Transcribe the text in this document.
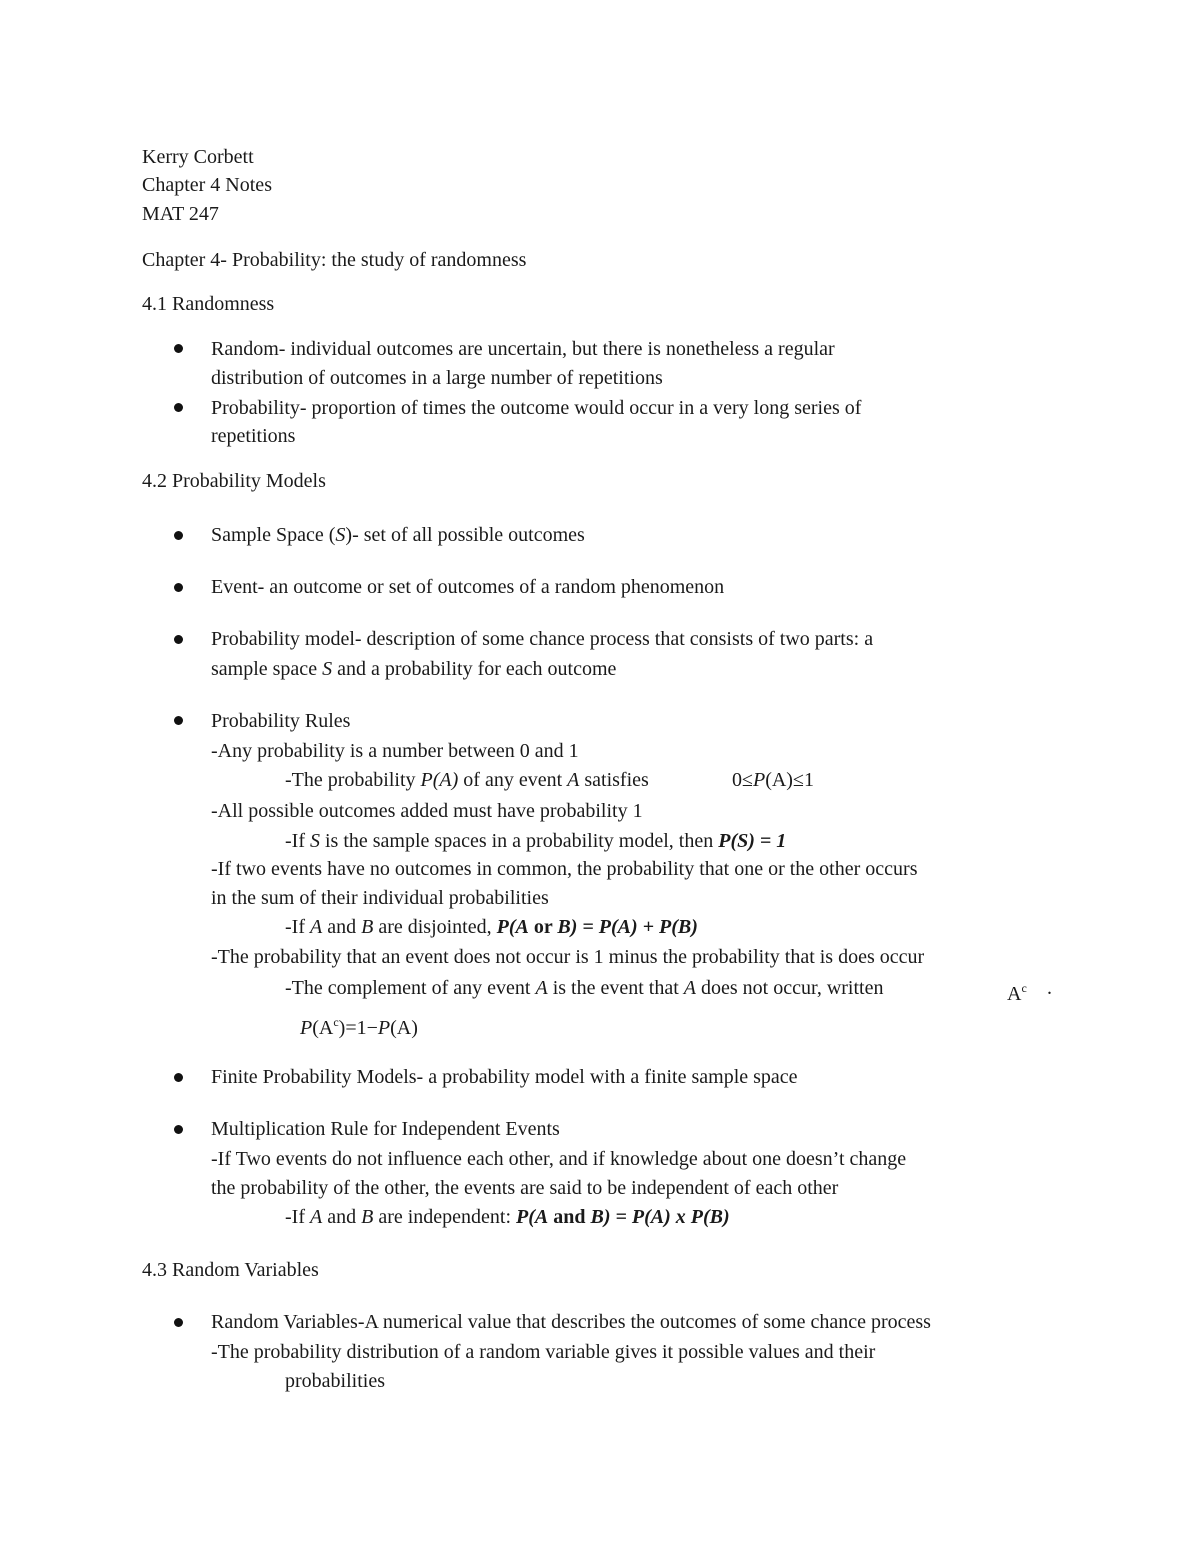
Kerry Corbett
Chapter 4 Notes
MAT 247
Chapter 4- Probability: the study of randomness
4.1 Randomness
Random- individual outcomes are uncertain, but there is nonetheless a regular
distribution of outcomes in a large number of repetitions
Probability- proportion of times the outcome would occur in a very long series of
repetitions
4.2 Probability Models
Sample Space (S)- set of all possible outcomes
Event- an outcome or set of outcomes of a random phenomenon
Probability model- description of some chance process that consists of two parts: a
sample space S and a probability for each outcome
Probability Rules
-Any probability is a number between 0 and 1
-The probability P(A) of any event A satisfies	0≤P(A)≤1
-All possible outcomes added must have probability 1
-If S is the sample spaces in a probability model, then P(S) = 1
-If two events have no outcomes in common, the probability that one or the other occurs
in the sum of their individual probabilities
-If A and B are disjointed, P(A or B) = P(A) + P(B)
-The probability that an event does not occur is 1 minus the probability that is does occur
-The complement of any event A is the event that A does not occur, written	$A^c$ .
$P(A^c)=1-P(A)$
Finite Probability Models- a probability model with a finite sample space
Multiplication Rule for Independent Events
-If Two events do not influence each other, and if knowledge about one doesn’t change
the probability of the other, the events are said to be independent of each other
-If A and B are independent: P(A and B) = P(A) x P(B)
4.3 Random Variables
Random Variables-A numerical value that describes the outcomes of some chance process
-The probability distribution of a random variable gives it possible values and their
probabilities
